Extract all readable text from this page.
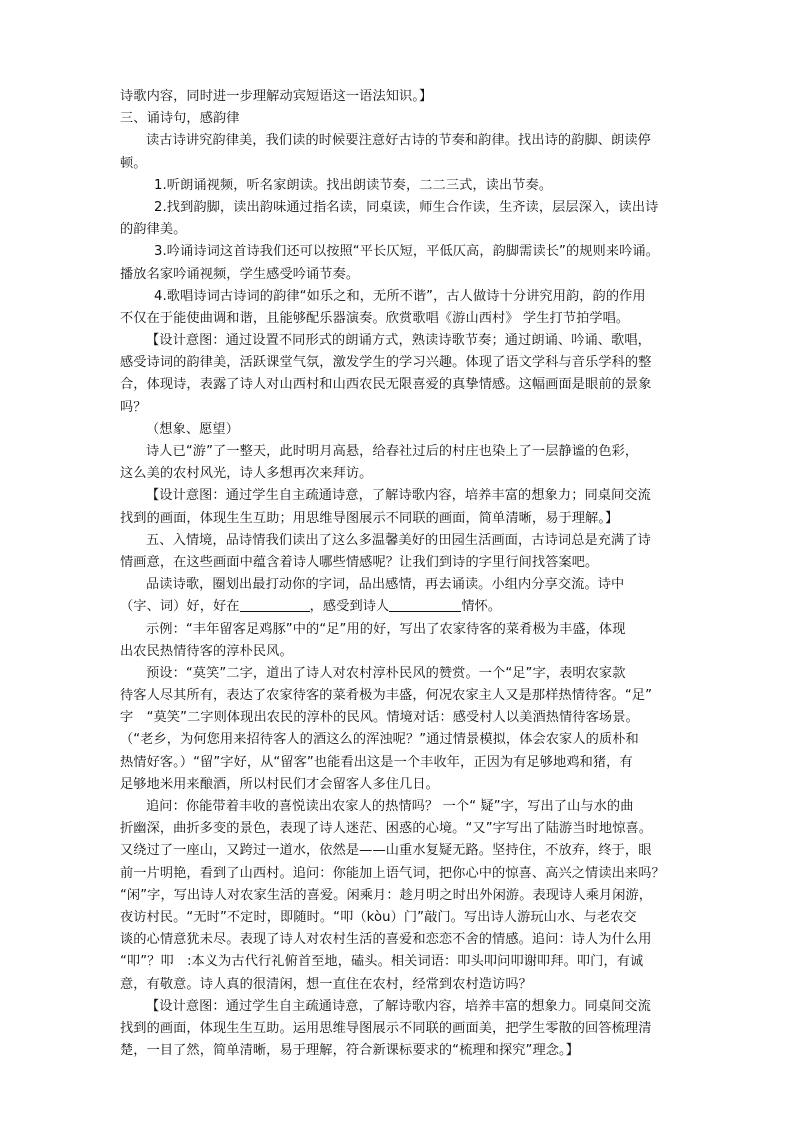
诗歌内容，同时进一步理解动宾短语这一语法知识。】
三、诵诗句，感韵律
读古诗讲究韵律美，我们读的时候要注意好古诗的节奏和韵律。找出诗的韵脚、朗读停
顿。
1.听朗诵视频，听名家朗读。找出朗读节奏，二二三式，读出节奏。
2.找到韵脚，读出韵味通过指名读，同桌读，师生合作读，生齐读，层层深入，读出诗
的韵律美。
3.吟诵诗词这首诗我们还可以按照“平长仄短，平低仄高，韵脚需读长”的规则来吟诵。
播放名家吟诵视频，学生感受吟诵节奏。
4.歌唱诗词古诗词的韵律“如乐之和，无所不谐”，古人做诗十分讲究用韵，韵的作用
不仅在于能使曲调和谐，且能够配乐器演奏。欣赏歌唱《游山西村》 学生打节拍学唱。
【设计意图：通过设置不同形式的朗诵方式，熟读诗歌节奏；通过朗诵、吟诵、歌唱，
感受诗词的韵律美，活跃课堂气氛，激发学生的学习兴趣。体现了语文学科与音乐学科的整
合，体现诗，表露了诗人对山西村和山西农民无限喜爱的真挚情感。这幅画面是眼前的景象
吗？
（想象、愿望）
诗人已“游”了一整天，此时明月高悬，给春社过后的村庄也染上了一层静谧的色彩，
这么美的农村风光，诗人多想再次来拜访。
【设计意图：通过学生自主疏通诗意，了解诗歌内容，培养丰富的想象力；同桌间交流
找到的画面，体现生生互助；用思维导图展示不同联的画面，简单清晰，易于理解。】
五、入情境，品诗情我们读出了这么多温馨美好的田园生活画面，古诗词总是充满了诗
情画意，在这些画面中蕴含着诗人哪些情感呢？让我们到诗的字里行间找答案吧。
品读诗歌，圈划出最打动你的字词，品出感情，再去诵读。小组内分享交流。诗中
（字、词）好，好在	，感受到诗人	情怀。
示例：“丰年留客足鸡豚”中的“足”用的好，写出了农家待客的菜肴极为丰盛，体现
出农民热情待客的淳朴民风。
预设：“莫笑”二字，道出了诗人对农村淳朴民风的赞赏。一个“足”字，表明农家款
待客人尽其所有，表达了农家待客的菜肴极为丰盛，何况农家主人又是那样热情待客。“足”
字　“莫笑”二字则体现出农民的淳朴的民风。情境对话：感受村人以美酒热情待客场景。
（“老乡，为何您用来招待客人的酒这么的浑浊呢？”通过情景模拟，体会农家人的质朴和
热情好客。）“留”字好，从“留客”也能看出这是一个丰收年，正因为有足够地鸡和猪，有
足够地米用来酿酒，所以村民们才会留客人多住几日。
追问：你能带着丰收的喜悦读出农家人的热情吗？ 一个“ 疑”字，写出了山与水的曲
折幽深，曲折多变的景色，表现了诗人迷茫、困惑的心境。“又”字写出了陆游当时地惊喜。
又绕过了一座山，又跨过一道水，依然是——山重水复疑无路。坚持住，不放弃，终于，眼
前一片明艳，看到了山西村。追问：你能加上语气词，把你心中的惊喜、高兴之情读出来吗？
“闲”字，写出诗人对农家生活的喜爱。闲乘月：趁月明之时出外闲游。表现诗人乘月闲游，
夜访村民。“无时”不定时，即随时。“叩（kòu）门”敲门。写出诗人游玩山水、与老农交
谈的心情意犹未尽。表现了诗人对农村生活的喜爱和恋恋不舍的情感。追问：诗人为什么用
“叩”？叩　:本义为古代行礼俯首至地，磕头。相关词语：叩头叩问叩谢叩拜。叩门，有诚
意，有敬意。诗人真的很清闲，想一直住在农村，经常到农村造访吗？
【设计意图：通过学生自主疏通诗意，了解诗歌内容，培养丰富的想象力。同桌间交流
找到的画面，体现生生互助。运用思维导图展示不同联的画面美，把学生零散的回答梳理清
楚，一目了然，简单清晰，易于理解，符合新课标要求的“梳理和探究”理念。】
